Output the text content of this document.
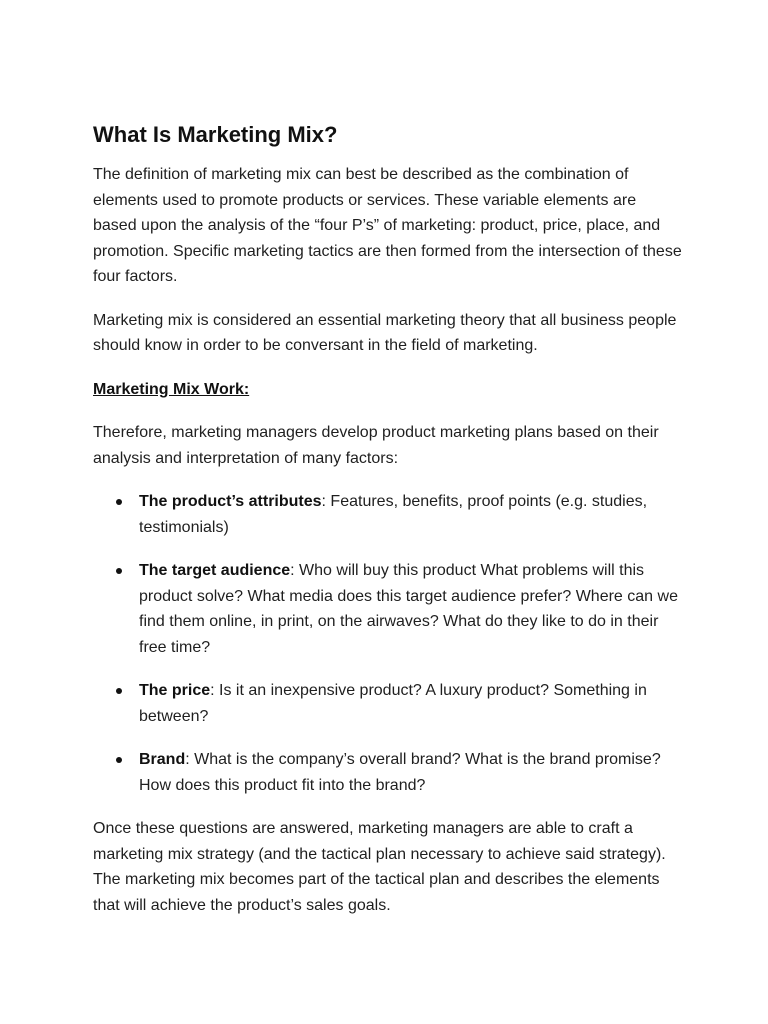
What Is Marketing Mix?

The definition of marketing mix can best be described as the combination of elements used to promote products or services. These variable elements are based upon the analysis of the “four P’s” of marketing: product, price, place, and promotion. Specific marketing tactics are then formed from the intersection of these four factors.

Marketing mix is considered an essential marketing theory that all business people should know in order to be conversant in the field of marketing.

Marketing Mix Work:

Therefore, marketing managers develop product marketing plans based on their analysis and interpretation of many factors:

The product’s attributes: Features, benefits, proof points (e.g. studies, testimonials)
The target audience: Who will buy this product What problems will this product solve? What media does this target audience prefer? Where can we find them online, in print, on the airwaves? What do they like to do in their free time?
The price: Is it an inexpensive product? A luxury product? Something in between?
Brand: What is the company’s overall brand? What is the brand promise? How does this product fit into the brand?

Once these questions are answered, marketing managers are able to craft a marketing mix strategy (and the tactical plan necessary to achieve said strategy). The marketing mix becomes part of the tactical plan and describes the elements that will achieve the product’s sales goals.
